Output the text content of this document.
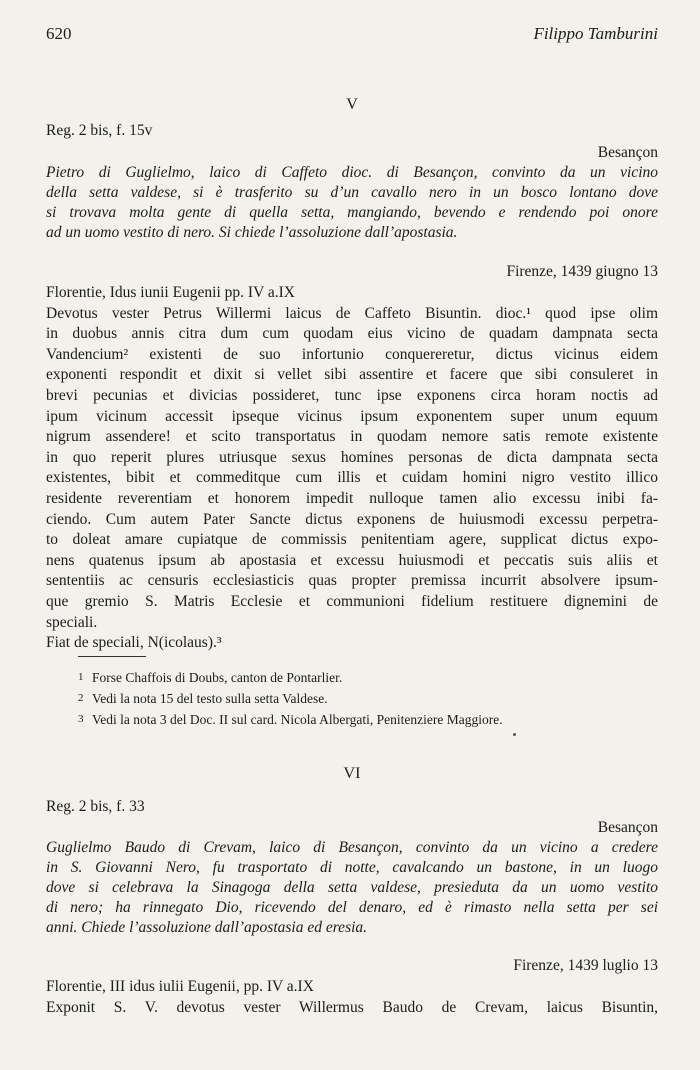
620	Filippo Tamburini
V
Reg. 2 bis, f. 15v
Besançon
Pietro di Guglielmo, laico di Caffeto dioc. di Besançon, convinto da un vicino
della setta valdese, si è trasferito su d’un cavallo nero in un bosco lontano dove
si trovava molta gente di quella setta, mangiando, bevendo e rendendo poi onore
ad un uomo vestito di nero. Si chiede l’assoluzione dall’apostasia.
Firenze, 1439 giugno 13
Florentie, Idus iunii Eugenii pp. IV a.IX
Devotus vester Petrus Willermi laicus de Caffeto Bisuntin. dioc.¹ quod ipse olim
in duobus annis citra dum cum quodam eius vicino de quadam dampnata secta
Vandencium² existenti de suo infortunio conquereretur, dictus vicinus eidem
exponenti respondit et dixit si vellet sibi assentire et facere que sibi consuleret in
brevi pecunias et divicias possideret, tunc ipse exponens circa horam noctis ad
ipum vicinum accessit ipseque vicinus ipsum exponentem super unum equum
nigrum assendere! et scito transportatus in quodam nemore satis remote existente
in quo reperit plures utriusque sexus homines personas de dicta dampnata secta
existentes, bibit et commeditque cum illis et cuidam homini nigro vestito illico
residente reverentiam et honorem impedit nulloque tamen alio excessu inibi fa-
ciendo. Cum autem Pater Sancte dictus exponens de huiusmodi excessu perpetra-
to doleat amare cupiatque de commissis penitentiam agere, supplicat dictus expo-
nens quatenus ipsum ab apostasia et excessu huiusmodi et peccatis suis aliis et
sententiis ac censuris ecclesiasticis quas propter premissa incurrit absolvere ipsum-
que gremio S. Matris Ecclesie et communioni fidelium restituere dignemini de
speciali.
Fiat de speciali, N(icolaus).³
1 Forse Chaffois di Doubs, canton de Pontarlier.
2 Vedi la nota 15 del testo sulla setta Valdese.
3 Vedi la nota 3 del Doc. II sul card. Nicola Albergati, Penitenziere Maggiore.
VI
Reg. 2 bis, f. 33
Besançon
Guglielmo Baudo di Crevam, laico di Besançon, convinto da un vicino a credere
in S. Giovanni Nero, fu trasportato di notte, cavalcando un bastone, in un luogo
dove si celebrava la Sinagoga della setta valdese, presieduta da un uomo vestito
di nero; ha rinnegato Dio, ricevendo del denaro, ed è rimasto nella setta per sei
anni. Chiede l’assoluzione dall’apostasia ed eresia.
Firenze, 1439 luglio 13
Florentie, III idus iulii Eugenii, pp. IV a.IX
Exponit S. V. devotus vester Willermus Baudo de Crevam, laicus Bisuntin,
